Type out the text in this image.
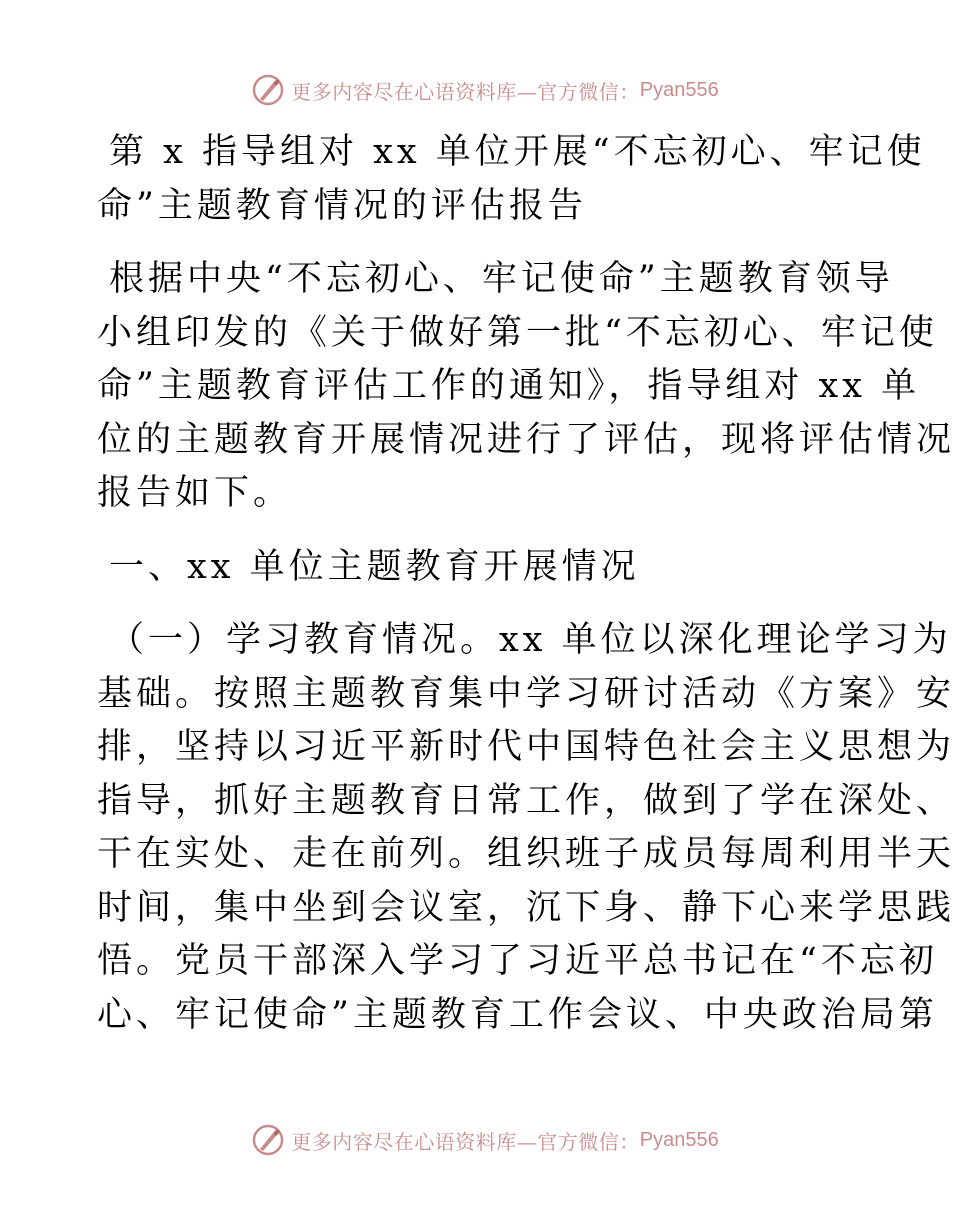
更多内容尽在心语资料库—官方微信： Pyan556
第 x 指导组对 xx 单位开展“不忘初心、牢记使
命”主题教育情况的评估报告
根据中央“不忘初心、牢记使命”主题教育领导
小组印发的《关于做好第一批“不忘初心、牢记使
命”主题教育评估工作的通知》，指导组对 xx 单
位的主题教育开展情况进行了评估，现将评估情况
报告如下。
一、xx 单位主题教育开展情况
（一）学习教育情况。xx 单位以深化理论学习为
基础。按照主题教育集中学习研讨活动《方案》安
排，坚持以习近平新时代中国特色社会主义思想为
指导，抓好主题教育日常工作，做到了学在深处、
干在实处、走在前列。组织班子成员每周利用半天
时间，集中坐到会议室，沉下身、静下心来学思践
悟。党员干部深入学习了习近平总书记在“不忘初
心、牢记使命”主题教育工作会议、中央政治局第
更多内容尽在心语资料库—官方微信： Pyan556
